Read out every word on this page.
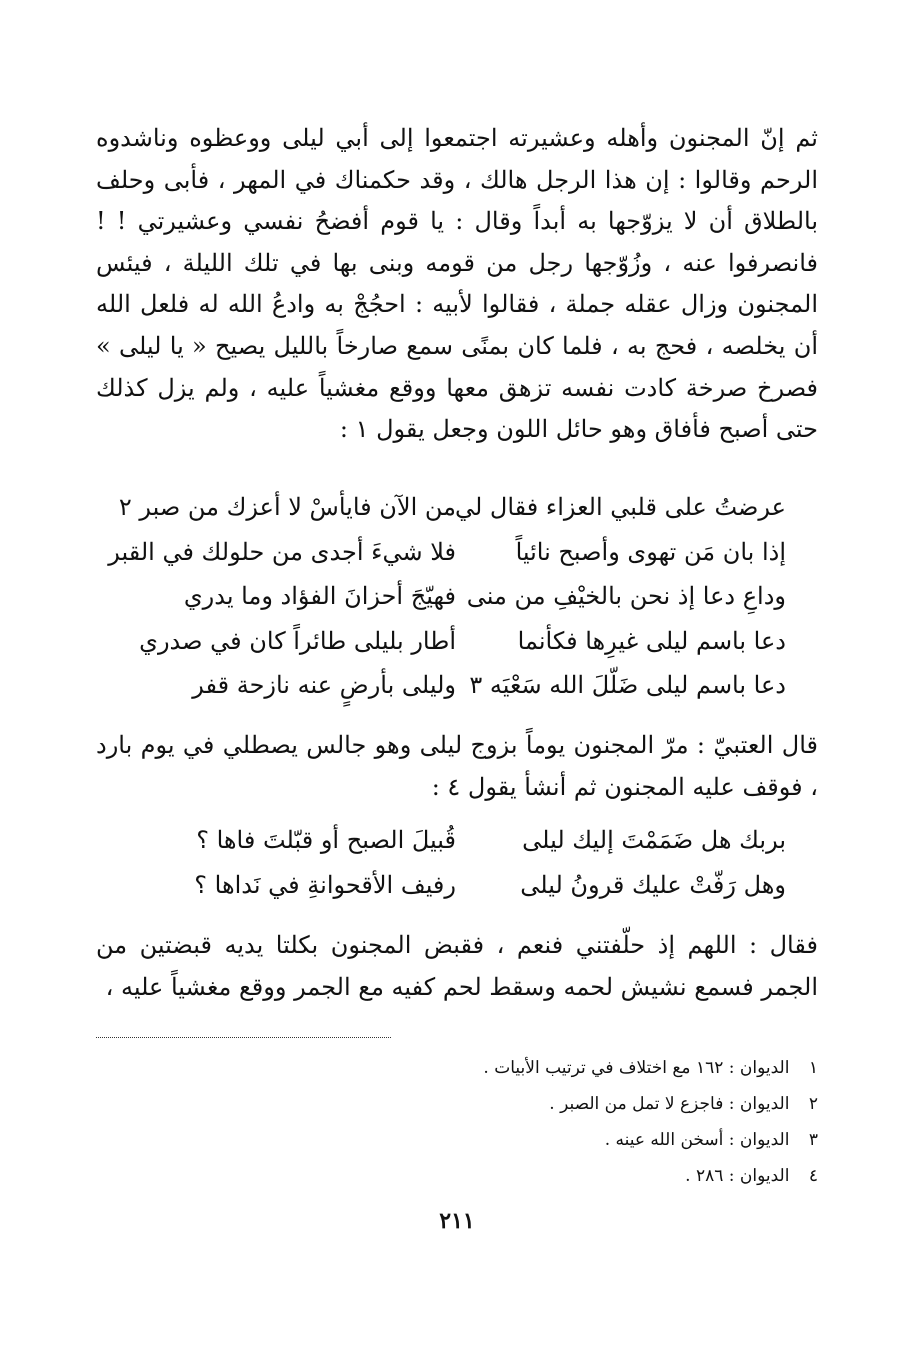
ثم إنّ المجنون وأهله وعشيرته اجتمعوا إلى أبي ليلى ووعظوه وناشدوه الرحم وقالوا : إن هذا الرجل هالك ، وقد حكمناك في المهر ، فأبى وحلف بالطلاق أن لا يزوّجها به أبداً وقال : يا قوم أفضحُ نفسي وعشيرتي ! ! فانصرفوا عنه ، وزُوّجها رجل من قومه وبنى بها في تلك الليلة ، فيئس المجنون وزال عقله جملة ، فقالوا لأبيه : احجُجْ به وادعُ الله له فلعل الله أن يخلصه ، فحج به ، فلما كان بمنًى سمع صارخاً بالليل يصيح « يا ليلى » فصرخ صرخة كادت نفسه تزهق معها ووقع مغشياً عليه ، ولم يزل كذلك حتى أصبح فأفاق وهو حائل اللون وجعل يقول ١ :

عرضتُ على قلبي العزاء فقال لي
من الآن فايأسْ لا أعزك من صبر ٢
إذا بان مَن تهوى وأصبح نائياً
فلا شيءَ أجدى من حلولك في القبر
وداعِ دعا إذ نحن بالخيْفِ من منى
فهيّجَ أحزانَ الفؤاد وما يدري
دعا باسم ليلى غيرِها فكأنما
أطار بليلى طائراً كان في صدري
دعا باسم ليلى ضَلّلَ الله سَعْيَه ٣
وليلى بأرضٍ عنه نازحة قفر

قال العتبيّ : مرّ المجنون يوماً بزوج ليلى وهو جالس يصطلي في يوم بارد ، فوقف عليه المجنون ثم أنشأ يقول ٤ :

بربك هل ضَمَمْتَ إليك ليلى
قُبيلَ الصبح أو قبّلتَ فاها ؟
وهل رَفّتْ عليك قرونُ ليلى
رفيف الأقحوانةِ في نَداها ؟

فقال : اللهم إذ حلّفتني فنعم ، فقبض المجنون بكلتا يديه قبضتين من الجمر فسمع نشيش لحمه وسقط لحم كفيه مع الجمر ووقع مغشياً عليه ،

١ الديوان : ١٦٢ مع اختلاف في ترتيب الأبيات .
٢ الديوان : فاجزع لا تمل من الصبر .
٣ الديوان : أسخن الله عينه .
٤ الديوان : ٢٨٦ .
٢١١
